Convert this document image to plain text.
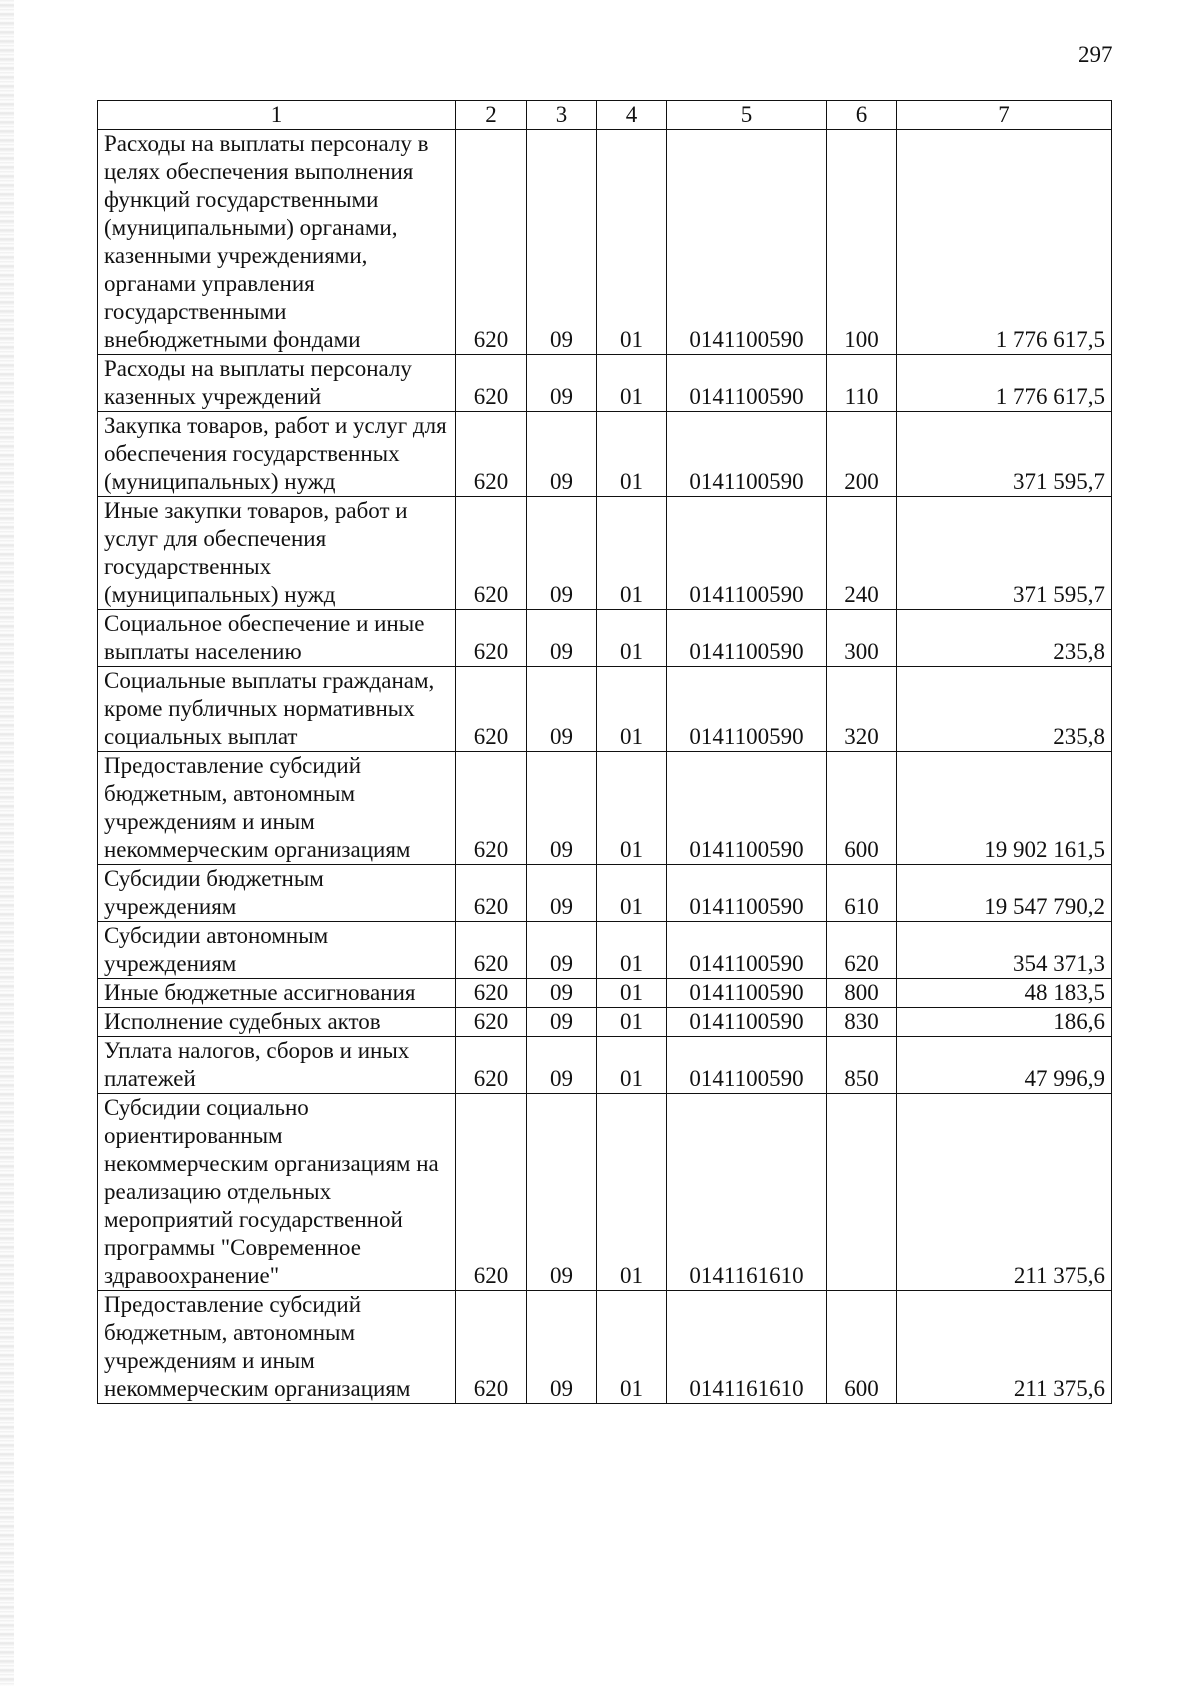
297
1	2	3	4	5	6	7
Расходы на выплаты персоналу в целях обеспечения выполнения функций государственными (муниципальными) органами, казенными учреждениями, органами управления государственными внебюджетными фондами	620	09	01	0141100590	100	1 776 617,5
Расходы на выплаты персоналу казенных учреждений	620	09	01	0141100590	110	1 776 617,5
Закупка товаров, работ и услуг для обеспечения государственных (муниципальных) нужд	620	09	01	0141100590	200	371 595,7
Иные закупки товаров, работ и услуг для обеспечения государственных (муниципальных) нужд	620	09	01	0141100590	240	371 595,7
Социальное обеспечение и иные выплаты населению	620	09	01	0141100590	300	235,8
Социальные выплаты гражданам, кроме публичных нормативных социальных выплат	620	09	01	0141100590	320	235,8
Предоставление субсидий бюджетным, автономным учреждениям и иным некоммерческим организациям	620	09	01	0141100590	600	19 902 161,5
Субсидии бюджетным учреждениям	620	09	01	0141100590	610	19 547 790,2
Субсидии автономным учреждениям	620	09	01	0141100590	620	354 371,3
Иные бюджетные ассигнования	620	09	01	0141100590	800	48 183,5
Исполнение судебных актов	620	09	01	0141100590	830	186,6
Уплата налогов, сборов и иных платежей	620	09	01	0141100590	850	47 996,9
Субсидии социально ориентированным некоммерческим организациям на реализацию отдельных мероприятий государственной программы "Современное здравоохранение"	620	09	01	0141161610		211 375,6
Предоставление субсидий бюджетным, автономным учреждениям и иным некоммерческим организациям	620	09	01	0141161610	600	211 375,6
